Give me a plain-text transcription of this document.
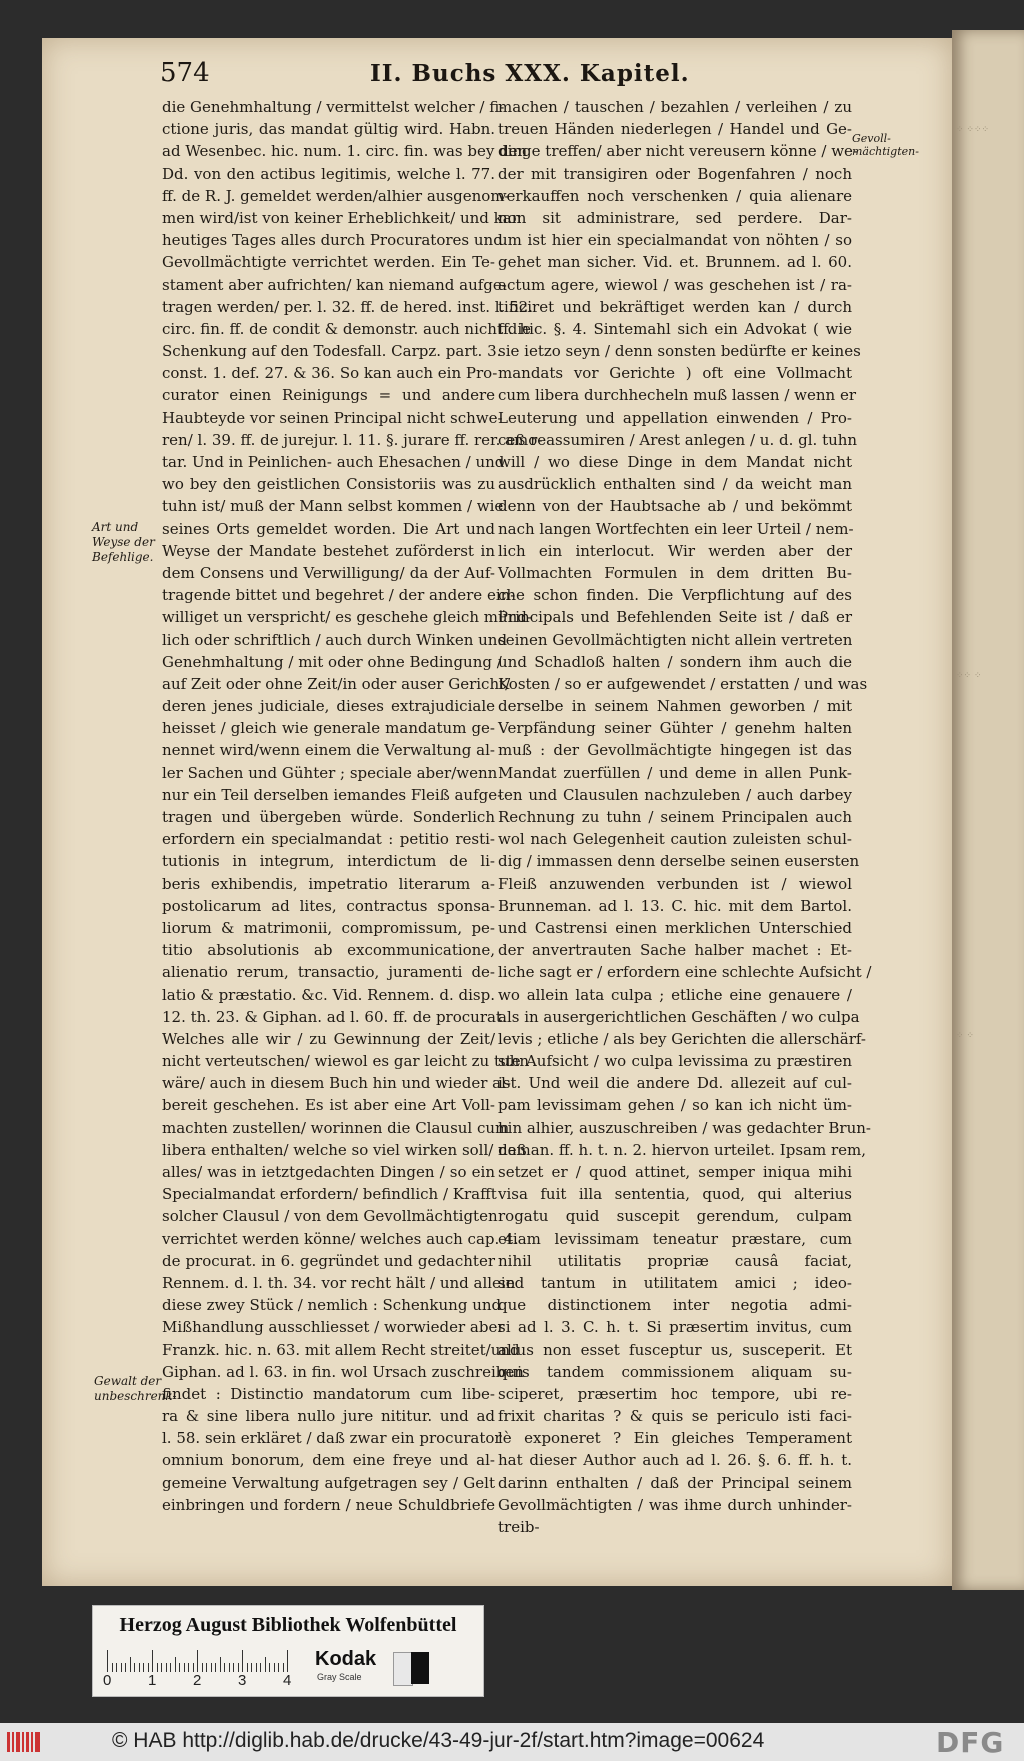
⁘ ⁘⁘⁘
⁘⁘ ⁘
⁘ ⁘
574	II. Buchs XXX. Kapitel.
die Genehmhaltung / vermittelst welcher / fi-
ctione juris, das mandat gültig wird. Habn.
ad Wesenbec. hic. num. 1. circ. fin. was bey den
Dd. von den actibus legitimis, welche l. 77.
ff. de R. J. gemeldet werden/alhier ausgenom-
men wird/ist von keiner Erheblichkeit/ und kan
heutiges Tages alles durch Procuratores und
Gevollmächtigte verrichtet werden. Ein Te-
stament aber aufrichten/ kan niemand aufge-
tragen werden/ per. l. 32. ff. de hered. inst. l. 52.
circ. fin. ff. de condit & demonstr. auch nicht die
Schenkung auf den Todesfall. Carpz. part. 3.
const. 1. def. 27. & 36. So kan auch ein Pro-
curator einen Reinigungs = und andere
Haubteyde vor seinen Principal nicht schwe-
ren/ l. 39. ff. de jurejur. l. 11. §. jurare ff. rer. amo-
tar. Und in Peinlichen- auch Ehesachen / und
wo bey den geistlichen Consistoriis was zu
tuhn ist/ muß der Mann selbst kommen / wie
seines Orts gemeldet worden. Die Art und
Weyse der Mandate bestehet zuförderst in
dem Consens und Verwilligung/ da der Auf-
tragende bittet und begehret / der andere ein-
williget un verspricht/ es geschehe gleich münd-
lich oder schriftlich / auch durch Winken und
Genehmhaltung / mit oder ohne Bedingung /
auf Zeit oder ohne Zeit/in oder auser Gericht/
deren jenes judiciale, dieses extrajudiciale
heisset / gleich wie generale mandatum ge-
nennet wird/wenn einem die Verwaltung al-
ler Sachen und Gühter ; speciale aber/wenn
nur ein Teil derselben iemandes Fleiß aufge-
tragen und übergeben würde. Sonderlich
erfordern ein specialmandat : petitio resti-
tutionis in integrum, interdictum de li-
beris exhibendis, impetratio literarum a-
postolicarum ad lites, contractus sponsa-
liorum & matrimonii, compromissum, pe-
titio absolutionis ab excommunicatione,
alienatio rerum, transactio, juramenti de-
latio & præstatio. &c. Vid. Rennem. d. disp.
12. th. 23. & Giphan. ad l. 60. ff. de procurat.
Welches alle wir / zu Gewinnung der Zeit/
nicht verteutschen/ wiewol es gar leicht zu tuhn
wäre/ auch in diesem Buch hin und wieder al-
bereit geschehen. Es ist aber eine Art Voll-
machten zustellen/ worinnen die Clausul cum
libera enthalten/ welche so viel wirken soll/ daß
alles/ was in ietztgedachten Dingen / so ein
Specialmandat erfordern/ befindlich / Krafft
solcher Clausul / von dem Gevollmächtigten
verrichtet werden könne/ welches auch cap. 4.
de procurat. in 6. gegründet und gedachter
Rennem. d. l. th. 34. vor recht hält / und allein
diese zwey Stück / nemlich : Schenkung und
Mißhandlung ausschliesset / worwieder aber
Franzk. hic. n. 63. mit allem Recht streitet/und
Giphan. ad l. 63. in fin. wol Ursach zuschreiben
findet : Distinctio mandatorum cum libe-
ra & sine libera nullo jure nititur. und ad
l. 58. sein erkläret / daß zwar ein procurator
omnium bonorum, dem eine freye und al-
gemeine Verwaltung aufgetragen sey / Gelt
einbringen und fordern / neue Schuldbriefe
machen / tauschen / bezahlen / verleihen / zu
treuen Händen niederlegen / Handel und Ge-
dinge treffen/ aber nicht vereusern könne / we-
der mit transigiren oder Bogenfahren / noch
verkauffen noch verschenken / quia alienare
non sit administrare, sed perdere. Dar-
um ist hier ein specialmandat von nöhten / so
gehet man sicher. Vid. et. Brunnem. ad l. 60.
actum agere, wiewol / was geschehen ist / ra-
tificiret und bekräftiget werden kan / durch
ff. hic. §. 4. Sintemahl sich ein Advokat ( wie
sie ietzo seyn / denn sonsten bedürfte er keines
mandats vor Gerichte ) oft eine Vollmacht
cum libera durchhecheln muß lassen / wenn er
Leuterung und appellation einwenden / Pro-
ceß reassumiren / Arest anlegen / u. d. gl. tuhn
will / wo diese Dinge in dem Mandat nicht
ausdrücklich enthalten sind / da weicht man
denn von der Haubtsache ab / und bekömmt
nach langen Wortfechten ein leer Urteil / nem-
lich ein interlocut. Wir werden aber der
Vollmachten Formulen in dem dritten Bu-
che schon finden. Die Verpflichtung auf des
Principals und Befehlenden Seite ist / daß er
seinen Gevollmächtigten nicht allein vertreten
und Schadloß halten / sondern ihm auch die
Kosten / so er aufgewendet / erstatten / und was
derselbe in seinem Nahmen geworben / mit
Verpfändung seiner Gühter / genehm halten
muß : der Gevollmächtigte hingegen ist das
Mandat zuerfüllen / und deme in allen Punk-
ten und Clausulen nachzuleben / auch darbey
Rechnung zu tuhn / seinem Principalen auch
wol nach Gelegenheit caution zuleisten schul-
dig / immassen denn derselbe seinen eusersten
Fleiß anzuwenden verbunden ist / wiewol
Brunneman. ad l. 13. C. hic. mit dem Bartol.
und Castrensi einen merklichen Unterschied
der anvertrauten Sache halber machet : Et-
liche sagt er / erfordern eine schlechte Aufsicht /
wo allein lata culpa ; etliche eine genauere /
als in ausergerichtlichen Geschäften / wo culpa
levis ; etliche / als bey Gerichten die allerschärf-
ste Aufsicht / wo culpa levissima zu præstiren
ist. Und weil die andere Dd. allezeit auf cul-
pam levissimam gehen / so kan ich nicht üm-
hin alhier, auszuschreiben / was gedachter Brun-
neman. ff. h. t. n. 2. hiervon urteilet. Ipsam rem,
setzet er / quod attinet, semper iniqua mihi
visa fuit illa sententia, quod, qui alterius
rogatu quid suscepit gerendum, culpam
etiam levissimam teneatur præstare, cum
nihil utilitatis propriæ causâ faciat,
sed tantum in utilitatem amici ; ideo-
que distinctionem inter negotia admi-
si ad l. 3. C. h. t. Si præsertim invitus, cum
alius non esset fusceptur us, susceperit. Et
quis tandem commissionem aliquam su-
sciperet, præsertim hoc tempore, ubi re-
frixit charitas ? & quis se periculo isti faci-
lè exponeret ? Ein gleiches Temperament
hat dieser Author auch ad l. 26. §. 6. ff. h. t.
darinn enthalten / daß der Principal seinem
Gevollmächtigten / was ihme durch unhinder-
treib-
Art und
Weyse der
Befehlige.
Gewalt der
unbeschrenk-
Gevoll-
mächtigten-
Herzog August Bibliothek Wolfenbüttel
0 1 2 3 4
Kodak
Gray Scale
© HAB http://diglib.hab.de/drucke/43-49-jur-2f/start.htm?image=00624	DFG
